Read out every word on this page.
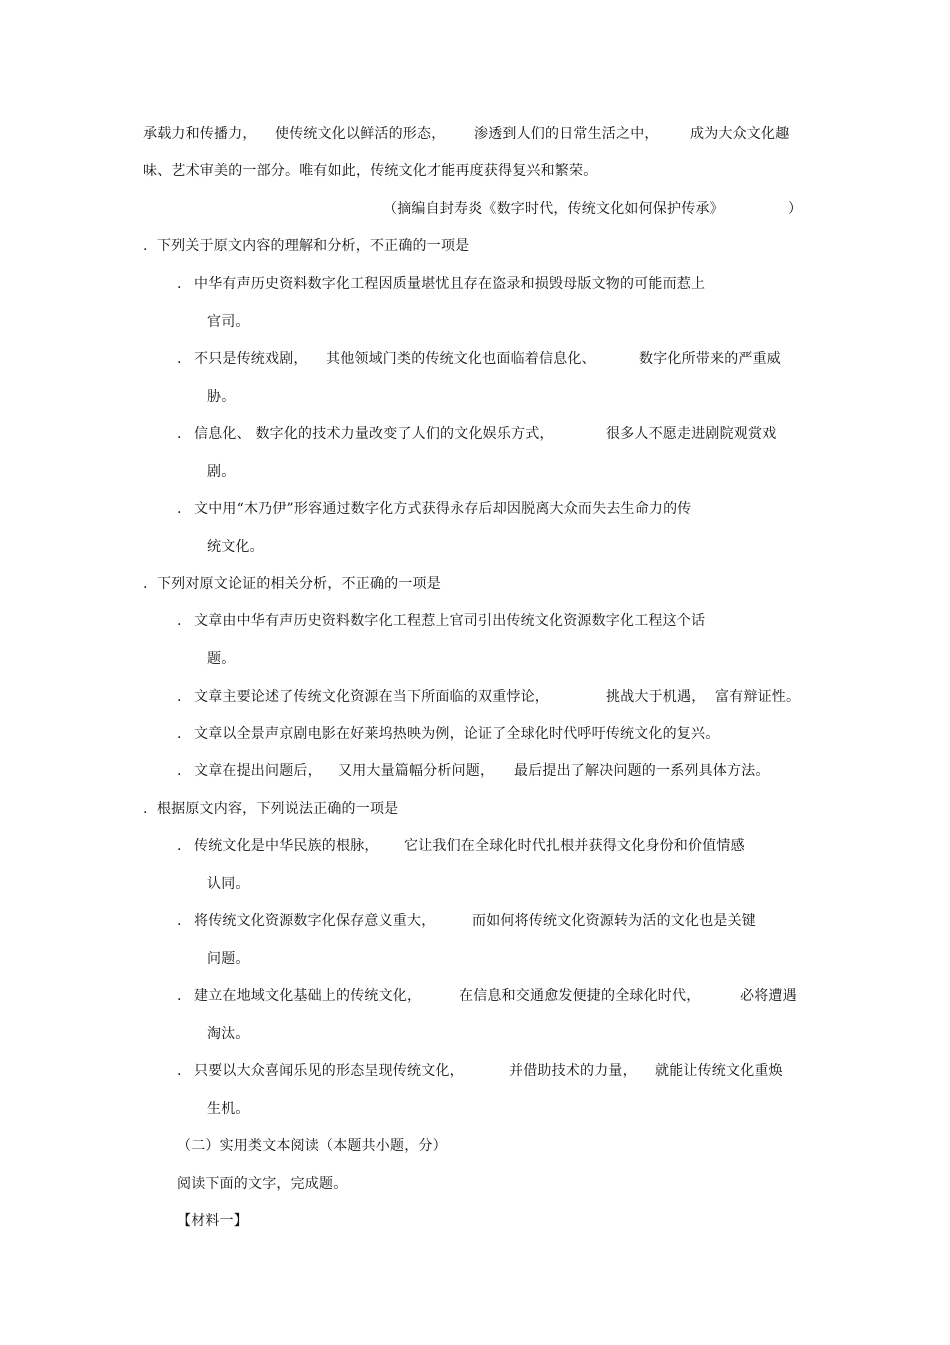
承载力和传播力， 使传统文化以鲜活的形态， 渗透到人们的日常生活之中， 成为大众文化趣
味、艺术审美的一部分。唯有如此，传统文化才能再度获得复兴和繁荣。
（摘编自封寿炎《数字时代，传统文化如何保护传承》	）
.  下列关于原文内容的理解和分析，不正确的一项是
. 中华有声历史资料数字化工程因质量堪忧且存在盗录和损毁母版文物的可能而惹上
官司。
. 不只是传统戏剧， 其他领域门类的传统文化也面临着信息化、	数字化所带来的严重威
胁。
. 信息化、 数字化的技术力量改变了人们的文化娱乐方式，	很多人不愿走进剧院观赏戏
剧。
. 文中用“木乃伊”形容通过数字化方式获得永存后却因脱离大众而失去生命力的传
统文化。
.  下列对原文论证的相关分析，不正确的一项是
. 文章由中华有声历史资料数字化工程惹上官司引出传统文化资源数字化工程这个话
题。
. 文章主要论述了传统文化资源在当下所面临的双重悖论，	挑战大于机遇， 富有辩证性。
. 文章以全景声京剧电影在好莱坞热映为例，论证了全球化时代呼吁传统文化的复兴。
. 文章在提出问题后， 又用大量篇幅分析问题， 最后提出了解决问题的一系列具体方法。
.  根据原文内容，下列说法正确的一项是
. 传统文化是中华民族的根脉， 它让我们在全球化时代扎根并获得文化身份和价值情感
认同。
. 将传统文化资源数字化保存意义重大，	而如何将传统文化资源转为活的文化也是关键
问题。
. 建立在地域文化基础上的传统文化，	在信息和交通愈发便捷的全球化时代，	必将遭遇
淘汰。
. 只要以大众喜闻乐见的形态呈现传统文化，	并借助技术的力量， 就能让传统文化重焕
生机。
（二）实用类文本阅读（本题共小题，分）
阅读下面的文字，完成题。
【材料一】
